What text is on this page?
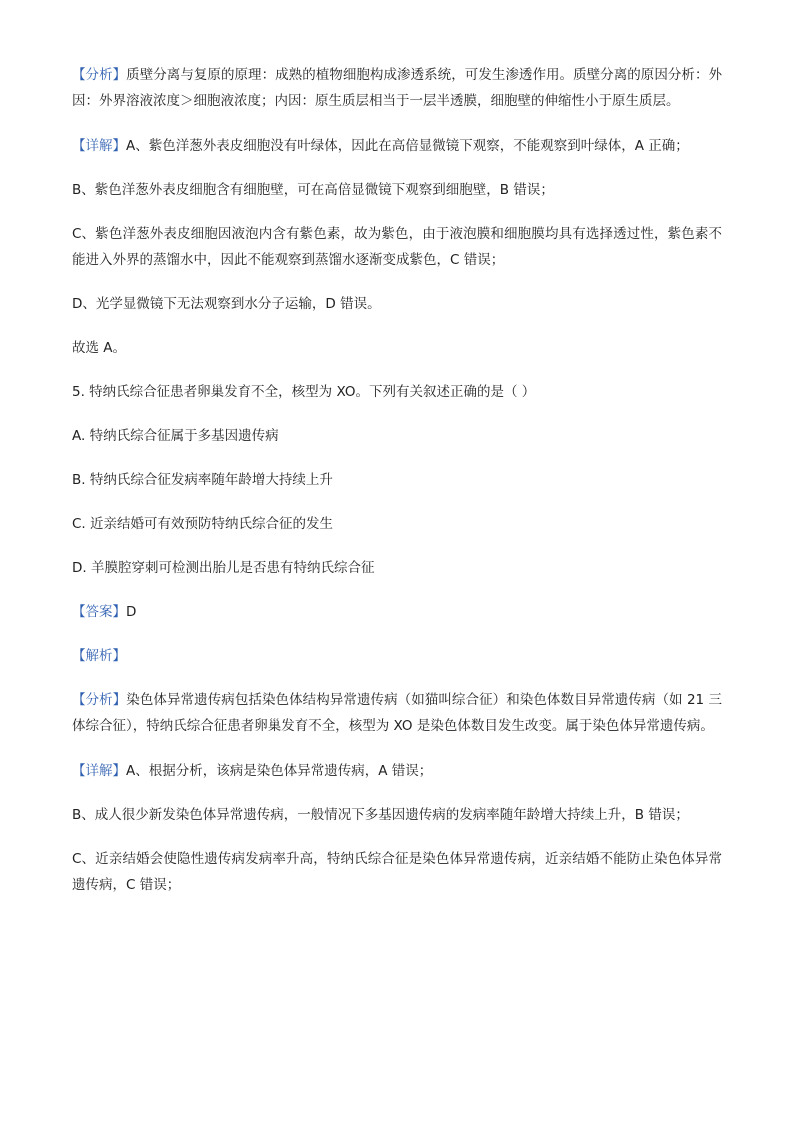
【分析】质壁分离与复原的原理：成熟的植物细胞构成渗透系统，可发生渗透作用。质壁分离的原因分析：外因：外界溶液浓度＞细胞液浓度；内因：原生质层相当于一层半透膜，细胞壁的伸缩性小于原生质层。

【详解】A、紫色洋葱外表皮细胞没有叶绿体，因此在高倍显微镜下观察，不能观察到叶绿体，A 正确；

B、紫色洋葱外表皮细胞含有细胞壁，可在高倍显微镜下观察到细胞壁，B 错误；

C、紫色洋葱外表皮细胞因液泡内含有紫色素，故为紫色，由于液泡膜和细胞膜均具有选择透过性，紫色素不能进入外界的蒸馏水中，因此不能观察到蒸馏水逐渐变成紫色，C 错误；

D、光学显微镜下无法观察到水分子运输，D 错误。

故选 A。

5. 特纳氏综合征患者卵巢发育不全，核型为 XO。下列有关叙述正确的是（ ）

A. 特纳氏综合征属于多基因遗传病

B. 特纳氏综合征发病率随年龄增大持续上升

C. 近亲结婚可有效预防特纳氏综合征的发生

D. 羊膜腔穿刺可检测出胎儿是否患有特纳氏综合征

【答案】D

【解析】

【分析】染色体异常遗传病包括染色体结构异常遗传病（如猫叫综合征）和染色体数目异常遗传病（如 21 三体综合征），特纳氏综合征患者卵巢发育不全，核型为 XO 是染色体数目发生改变。属于染色体异常遗传病。

【详解】A、根据分析，该病是染色体异常遗传病，A 错误；

B、成人很少新发染色体异常遗传病，一般情况下多基因遗传病的发病率随年龄增大持续上升，B 错误；

C、近亲结婚会使隐性遗传病发病率升高，特纳氏综合征是染色体异常遗传病，近亲结婚不能防止染色体异常遗传病，C 错误；
